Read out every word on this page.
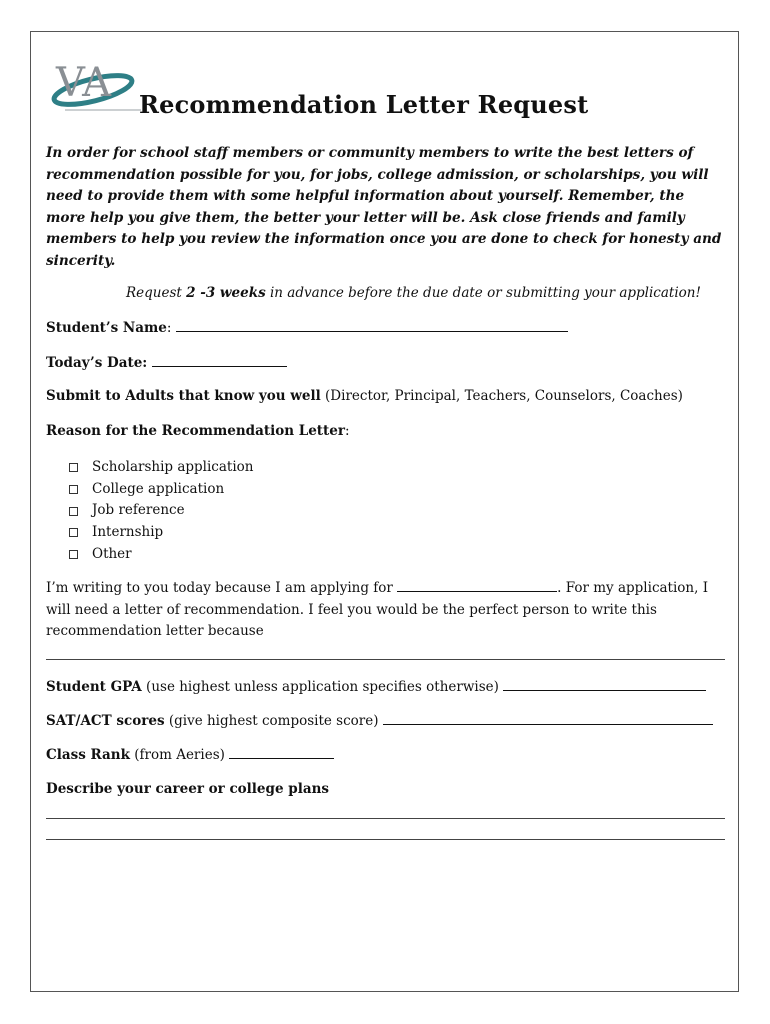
VA Recommendation Letter Request
In order for school staff members or community members to write the best letters of recommendation possible for you, for jobs, college admission, or scholarships, you will need to provide them with some helpful information about yourself. Remember, the more help you give them, the better your letter will be. Ask close friends and family members to help you review the information once you are done to check for honesty and sincerity.
Request 2 -3 weeks in advance before the due date or submitting your application!
Student’s Name:
Today’s Date:
Submit to Adults that know you well (Director, Principal, Teachers, Counselors, Coaches)
Reason for the Recommendation Letter:
Scholarship application
College application
Job reference
Internship
Other
I’m writing to you today because I am applying for	. For my application, I will need a letter of recommendation. I feel you would be the perfect person to write this recommendation letter because
Student GPA (use highest unless application specifies otherwise)
SAT/ACT scores (give highest composite score)
Class Rank (from Aeries)
Describe your career or college plans
